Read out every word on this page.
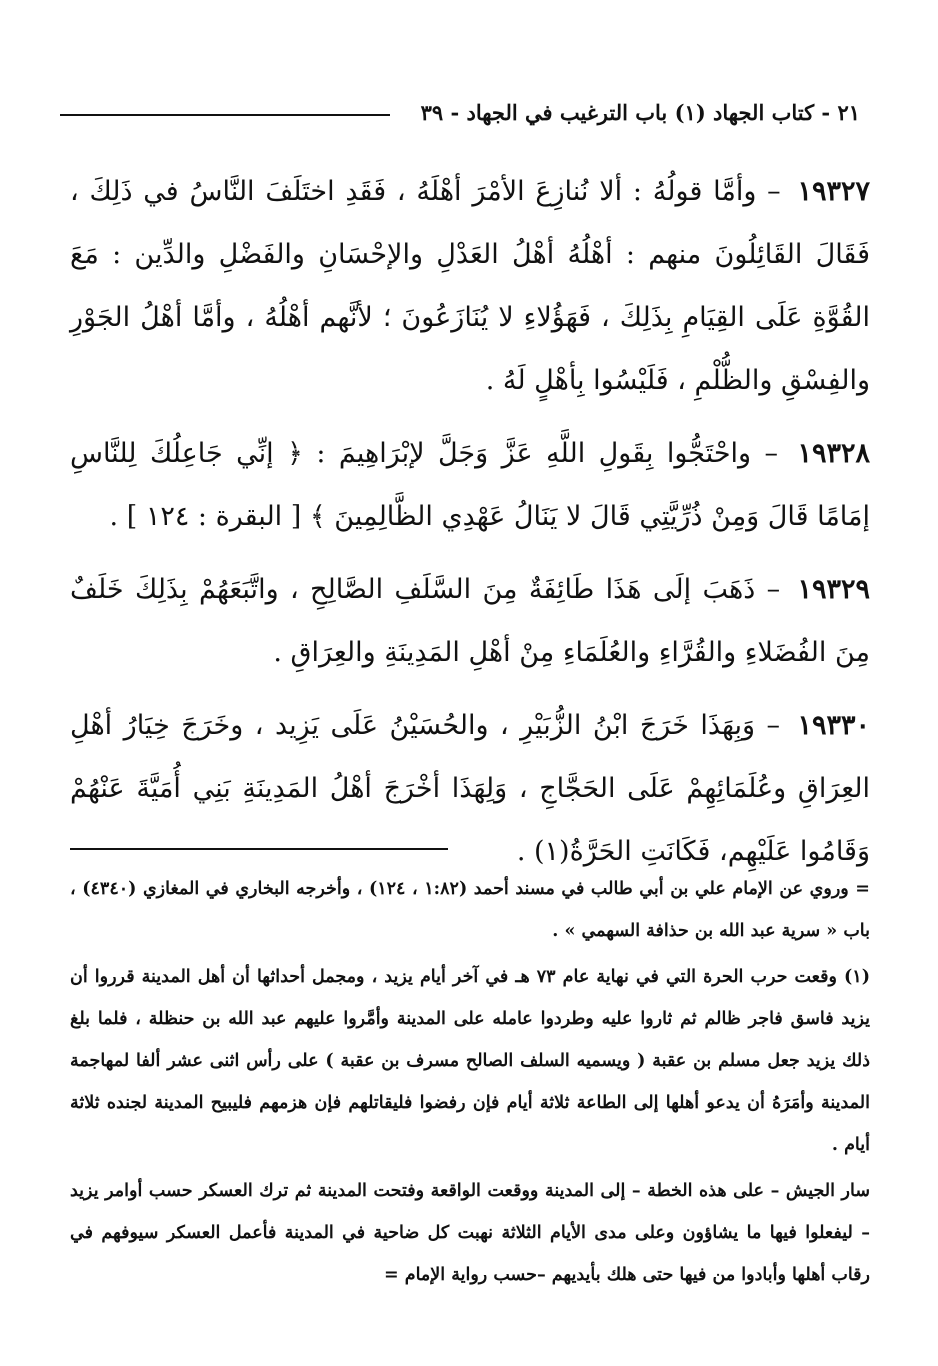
٢١ - كتاب الجهاد (١) باب الترغيب في الجهاد - ٣٩

١٩٣٢٧ – وأمَّا قولُهُ : ألا نُنازِعَ الأمْرَ أهْلَهُ ، فَقَدِ اختَلَفَ النَّاسُ في ذَلِكَ ، فَقَالَ القَائِلُونَ منهم : أهْلُهُ أهْلُ العَدْلِ والإحْسَانِ والفَضْلِ والدِّين : مَعَ القُوَّةِ عَلَى القِيَامِ بِذَلِكَ ، فَهَؤُلاءِ لا يُنَازَعُونَ ؛ لأنَّهم أهْلُهُ ، وأمَّا أهْلُ الجَوْرِ والفِسْقِ والظُّلْمِ ، فَلَيْسُوا بِأهْلٍ لَهُ .

١٩٣٢٨ – واحْتَجُّوا بِقَولِ اللَّهِ عَزَّ وَجَلَّ لإبْرَاهِيمَ : ﴿ إنِّي جَاعِلُكَ لِلنَّاسِ إمَامًا قَالَ وَمِنْ ذُرِّيَّتِي قَالَ لا يَنَالُ عَهْدِي الظَّالِمِينَ ﴾ [ البقرة : ١٢٤ ] .

١٩٣٢٩ – ذَهَبَ إلَى هَذَا طَائِفَةٌ مِنَ السَّلَفِ الصَّالِحِ ، واتَّبَعَهُمْ بِذَلِكَ خَلَفٌ مِنَ الفُضَلاءِ والقُرَّاءِ والعُلَمَاءِ مِنْ أهْلِ المَدِينَةِ والعِرَاقِ .

١٩٣٣٠ – وَبِهَذَا خَرَجَ ابْنُ الزُّبَيْرِ ، والحُسَيْنُ عَلَى يَزِيد ، وخَرَجَ خِيَارُ أهْلِ العِرَاقِ وعُلَمَائِهِمْ عَلَى الحَجَّاجِ ، وَلِهَذَا أخْرَجَ أهْلُ المَدِينَةِ بَنِي أُمَيَّةَ عَنْهُمْ وَقَامُوا عَلَيْهِم، فَكَانَتِ الحَرَّةُ(١) .

= وروي عن الإمام علي بن أبي طالب في مسند أحمد (١:٨٢ ، ١٢٤) ، وأخرجه البخاري في المغازي (٤٣٤٠) ، باب « سرية عبد الله بن حذافة السهمي » .

(١) وقعت حرب الحرة التي في نهاية عام ٧٣ هـ في آخر أيام يزيد ، ومجمل أحداثها أن أهل المدينة قرروا أن يزيد فاسق فاجر ظالم ثم ثاروا عليه وطردوا عامله على المدينة وأمَّروا عليهم عبد الله بن حنظلة ، فلما بلغ ذلك يزيد جعل مسلم بن عقبة ( ويسميه السلف الصالح مسرف بن عقبة ) على رأس اثنى عشر ألفا لمهاجمة المدينة وأمَرَهُ أن يدعو أهلها إلى الطاعة ثلاثة أيام فإن رفضوا فليقاتلهم فإن هزمهم فليبيح المدينة لجنده ثلاثة أيام .

سار الجيش – على هذه الخطة – إلى المدينة ووقعت الواقعة وفتحت المدينة ثم ترك العسكر حسب أوامر يزيد – ليفعلوا فيها ما يشاؤون وعلى مدى الأيام الثلاثة نهبت كل ضاحية في المدينة فأعمل العسكر سيوفهم في رقاب أهلها وأبادوا من فيها حتى هلك بأيديهم –حسب رواية الإمام =
